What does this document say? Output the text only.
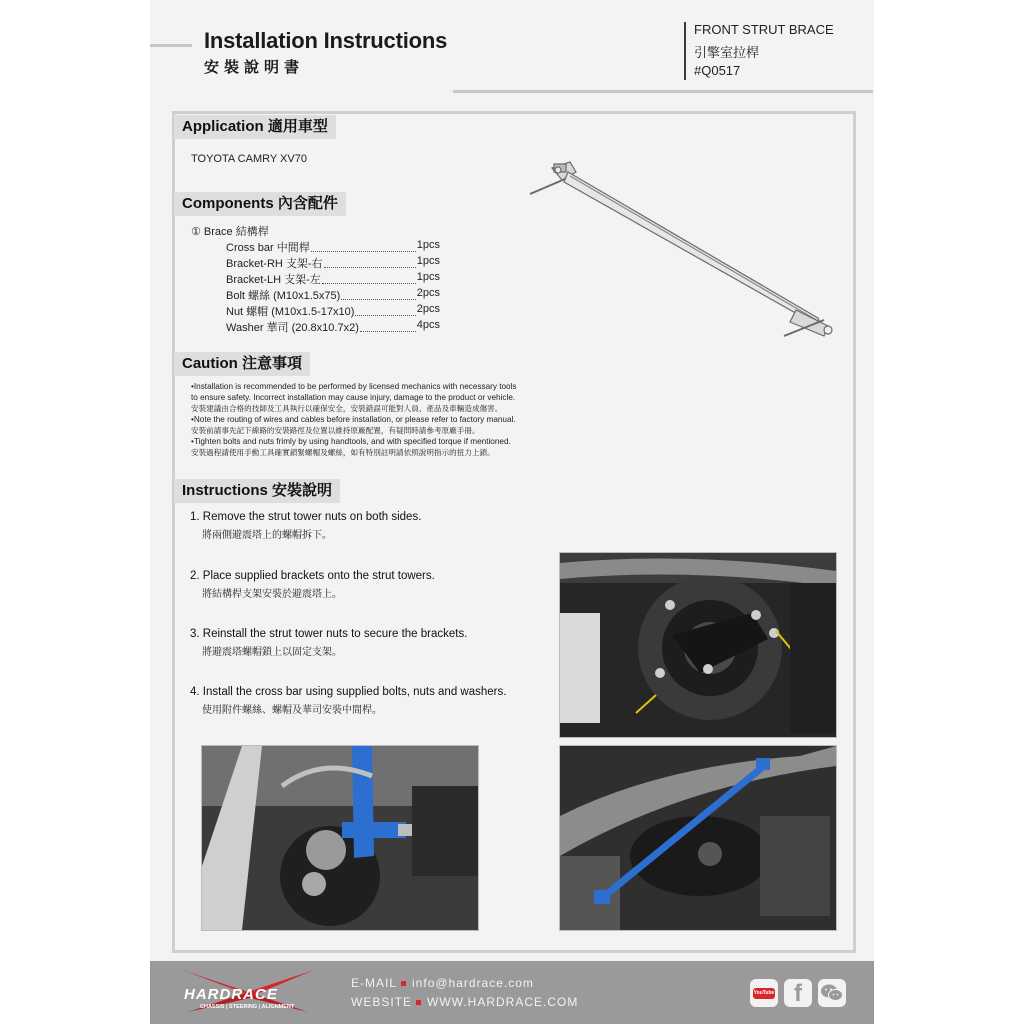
Installation Instructions
安裝說明書
FRONT STRUT BRACE
引擎室拉桿
#Q0517
Application 適用車型
TOYOTA CAMRY XV70
Components 內含配件
① Brace 結構桿
Cross bar 中間桿	1pcs
Bracket-RH 支架-右	1pcs
Bracket-LH 支架-左	1pcs
Bolt 螺絲 (M10x1.5x75)	2pcs
Nut 螺帽 (M10x1.5-17x10)	2pcs
Washer 華司 (20.8x10.7x2)	4pcs
Caution 注意事項
•Installation is recommended to be performed by licensed mechanics with necessary tools
to ensure safety. Incorrect installation may cause injury, damage to the product or vehicle.
安裝建議由合格的技師及工具執行以確保安全，安裝錯誤可能對人員、產品及車輛造成傷害。
•Note the routing of wires and cables before installation, or please refer to factory manual.
安裝前請事先記下線路的安裝路徑及位置以維持原廠配置，有疑問時請參考原廠手冊。
•Tighten bolts and nuts frimly by using handtools, and with specified torque if mentioned.
安裝過程請使用手動工具確實鎖緊螺帽及螺絲，如有特別註明請依照說明指示的扭力上鎖。
Instructions 安裝說明
1. Remove the strut tower nuts on both sides.
將兩側避震塔上的螺帽拆下。
2. Place supplied brackets onto the strut towers.
將結構桿支架安裝於避震塔上。
3. Reinstall the strut tower nuts to secure the brackets.
將避震塔螺帽鎖上以固定支架。
4. Install the cross bar using supplied bolts, nuts and washers.
使用附件螺絲、螺帽及華司安裝中間桿。
HARDRACE
CHASSIS | STEERING | ALIGNMENT
E-MAIL info@hardrace.com
WEBSITE WWW.HARDRACE.COM
YouTube f
